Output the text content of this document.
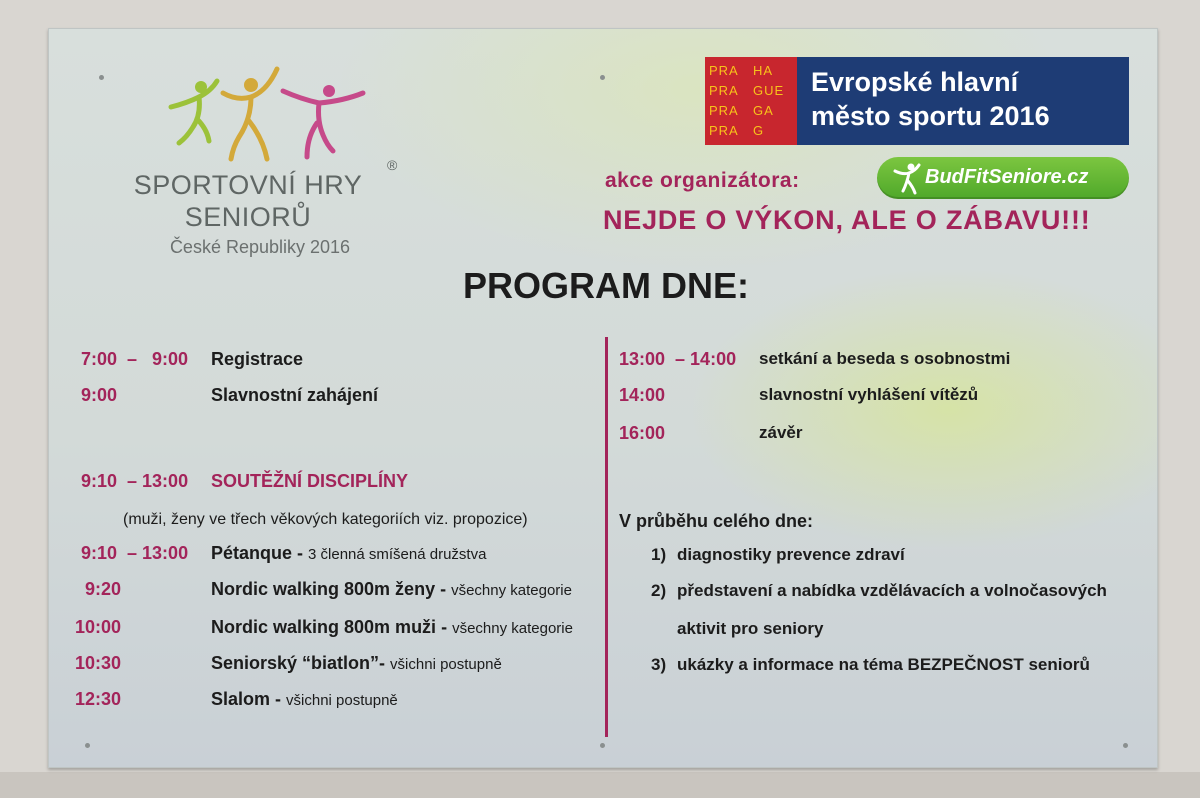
SPORTOVNÍ HRY
SENIORŮ
®
České Republiky 2016
PRA HA
PRA GUE
PRA GA
PRA G
Evropské hlavní
město sportu 2016
akce organizátora:	BudFitSeniore.cz
NEJDE O VÝKON, ALE O ZÁBAVU!!!
PROGRAM DNE:
7:00  –   9:00 Registrace
9:00	Slavnostní zahájení
9:10  – 13:00 SOUTĚŽNÍ DISCIPLÍNY
9:10  – 13:00 Pétanque - 3 členná smíšená družstva
9:20	Nordic walking 800m ženy - všechny kategorie
10:00	Nordic walking 800m muži - všechny kategorie
10:30	Seniorský “biatlon”- všichni postupně
12:30	Slalom - všichni postupně
(muži, ženy ve třech věkových kategoriích viz. propozice)
13:00  – 14:00 setkání a beseda s osobnostmi
14:00	slavnostní vyhlášení vítězů
16:00	závěr
V průběhu celého dne:
1) diagnostiky prevence zdraví
2) představení a nabídka vzdělávacích a volnočasových
aktivit pro seniory
3) ukázky a informace na téma BEZPEČNOST seniorů
